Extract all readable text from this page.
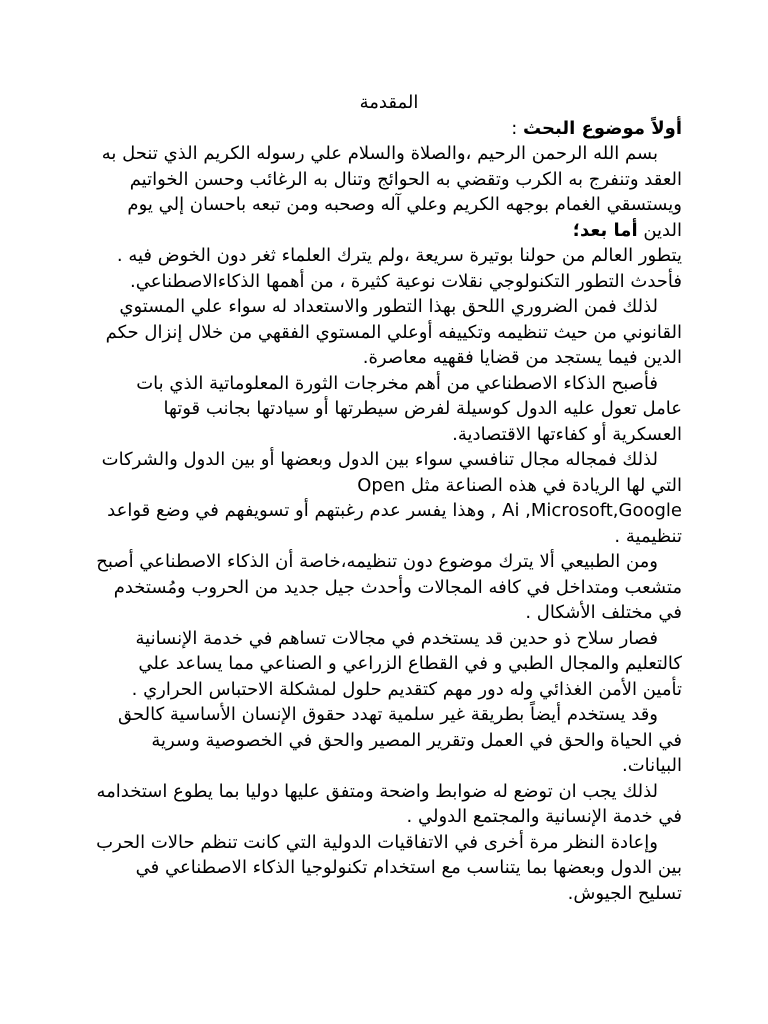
المقدمة

أولاً موضوع البحث :

بسم الله الرحمن الرحيم ،والصلاة والسلام علي رسوله الكريم الذي تنحل به العقد وتنفرج به الكرب وتقضي به الحوائج وتنال به الرغائب وحسن الخواتيم ويستسقي الغمام بوجهه الكريم وعلي آله وصحبه ومن تبعه باحسان إلي يوم الدين أما بعد؛

يتطور العالم من حولنا بوتيرة سريعة ،ولم يترك العلماء ثغر دون الخوض فيه .

فأحدث التطور التكنولوجي نقلات نوعية كثيرة ، من أهمها الذكاءالاصطناعي.

لذلك فمن الضروري اللحق بهذا التطور والاستعداد له سواء علي المستوي القانوني من حيث تنظيمه وتكييفه أوعلي المستوي الفقهي من خلال إنزال حكم الدين فيما يستجد من قضايا فقهيه معاصرة.

فأصبح الذكاء الاصطناعي من أهم مخرجات الثورة المعلوماتية الذي بات عامل تعول عليه الدول كوسيلة لفرض سيطرتها أو سيادتها بجانب قوتها العسكرية أو كفاءتها الاقتصادية.

لذلك فمجاله مجال تنافسي سواء بين الدول وبعضها أو بين الدول والشركات التي لها الريادة في هذه الصناعة مثل Open
Ai ,Microsoft,Google , وهذا يفسر عدم رغبتهم أو تسويفهم في وضع قواعد تنظيمية .

ومن الطبيعي ألا يترك موضوع دون تنظيمه،خاصة أن الذكاء الاصطناعي أصبح متشعب ومتداخل في كافه المجالات وأحدث جيل جديد من الحروب ومُستخدم في مختلف الأشكال .

فصار سلاح ذو حدين قد يستخدم في مجالات تساهم في خدمة الإنسانية كالتعليم والمجال الطبي و في القطاع الزراعي و الصناعي مما يساعد علي تأمين الأمن الغذائي وله دور مهم كتقديم حلول لمشكلة الاحتباس الحراري .

وقد يستخدم أيضاً بطريقة غير سلمية تهدد حقوق الإنسان الأساسية كالحق في الحياة والحق في العمل وتقرير المصير والحق في الخصوصية وسرية البيانات.

لذلك يجب ان توضع له ضوابط واضحة ومتفق عليها دوليا بما يطوع استخدامه في خدمة الإنسانية والمجتمع الدولي .

وإعادة النظر مرة أخرى في الاتفاقيات الدولية التي كانت تنظم حالات الحرب بين الدول وبعضها بما يتناسب مع استخدام تكنولوجيا الذكاء الاصطناعي في تسليح الجيوش.
